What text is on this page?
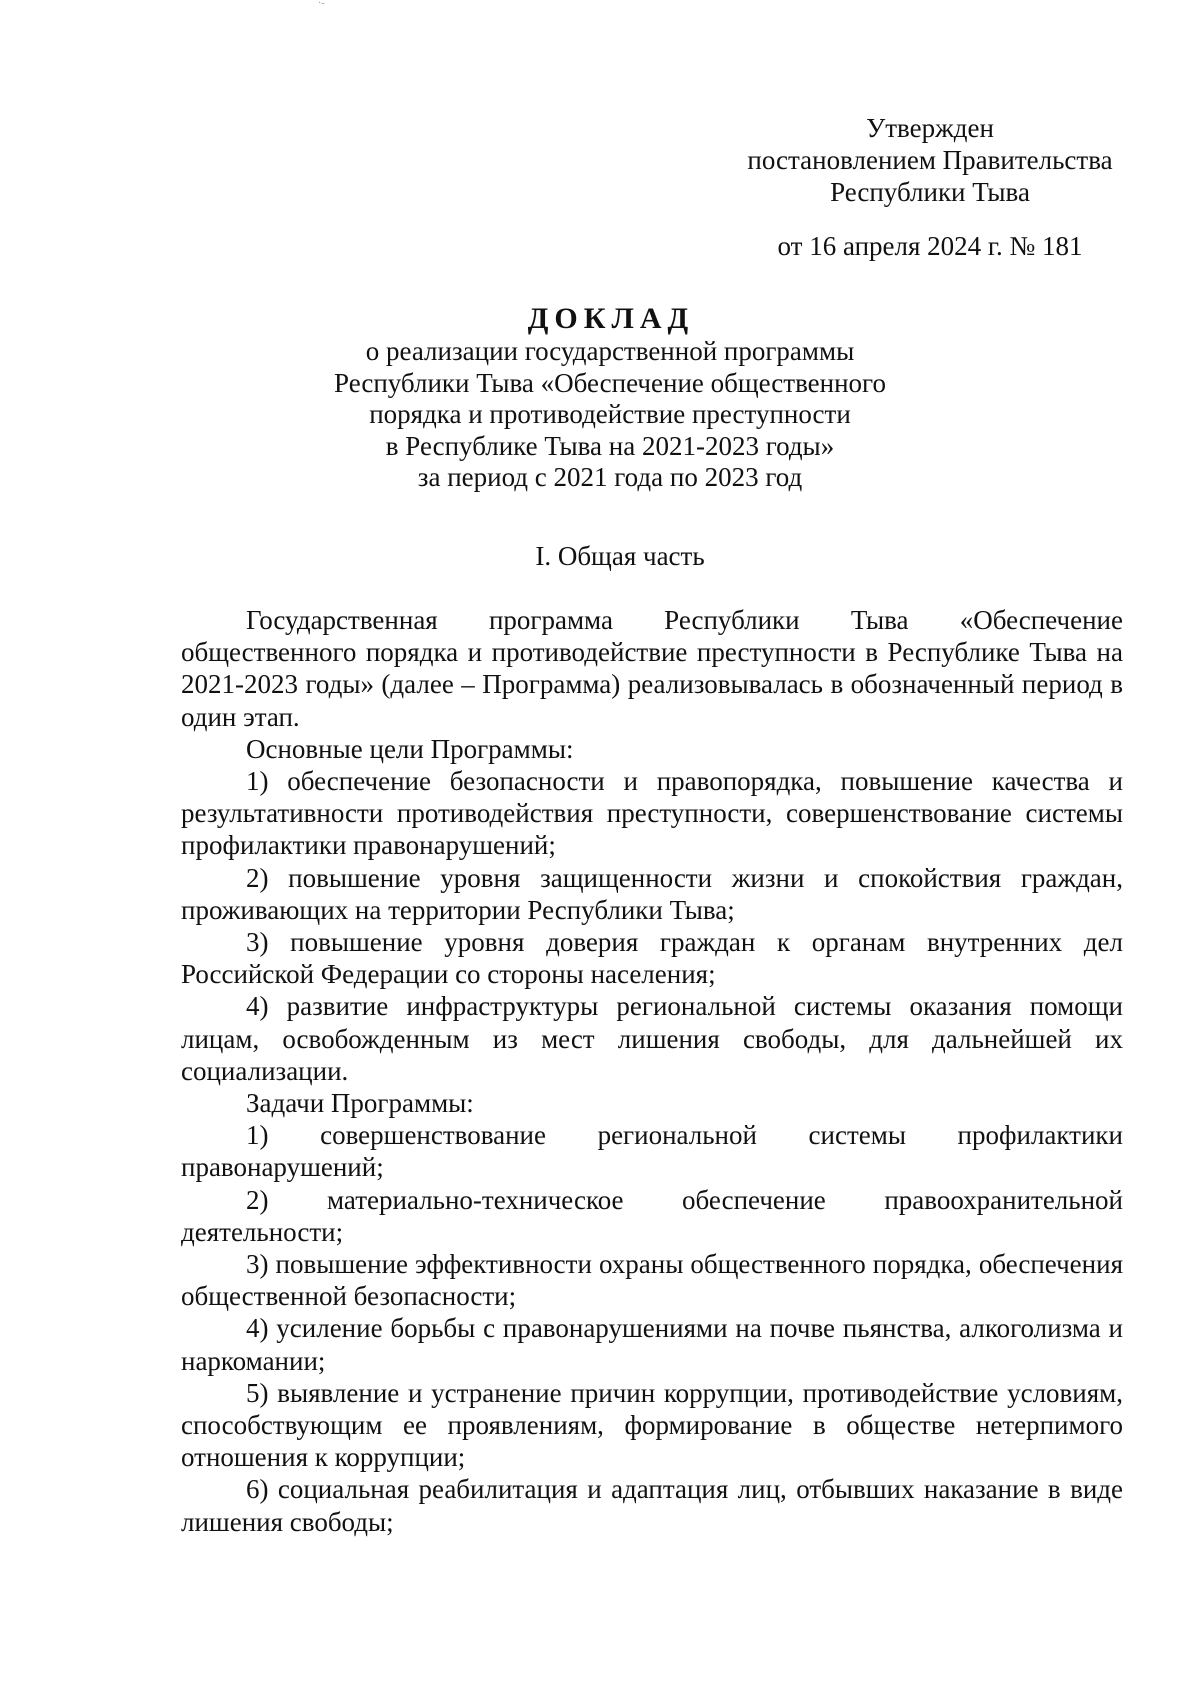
·-
Утвержден
постановлением Правительства
Республики Тыва
от 16 апреля 2024 г. № 181
ДОКЛАД
о реализации государственной программы
Республики Тыва «Обеспечение общественного
порядка и противодействие преступности
в Республике Тыва на 2021-2023 годы»
за период с 2021 года по 2023 год
I. Общая часть

Государственная программа Республики Тыва «Обеспечение общественного порядка и противодействие преступности в Республике Тыва на 2021-2023 годы» (далее – Программа) реализовывалась в обозначенный период в один этап.

Основные цели Программы:

1) обеспечение безопасности и правопорядка, повышение качества и результативности противодействия преступности, совершенствование системы профилактики правонарушений;

2) повышение уровня защищенности жизни и спокойствия граждан, проживающих на территории Республики Тыва;

3) повышение уровня доверия граждан к органам внутренних дел Российской Федерации со стороны населения;

4) развитие инфраструктуры региональной системы оказания помощи лицам, освобожденным из мест лишения свободы, для дальнейшей их социализации.

Задачи Программы:

1) совершенствование региональной системы профилактики правонарушений;

2) материально-техническое обеспечение правоохранительной деятельности;

3) повышение эффективности охраны общественного порядка, обеспечения общественной безопасности;

4) усиление борьбы с правонарушениями на почве пьянства, алкоголизма и наркомании;

5) выявление и устранение причин коррупции, противодействие условиям, способствующим ее проявлениям, формирование в обществе нетерпимого отношения к коррупции;

6) социальная реабилитация и адаптация лиц, отбывших наказание в виде лишения свободы;
